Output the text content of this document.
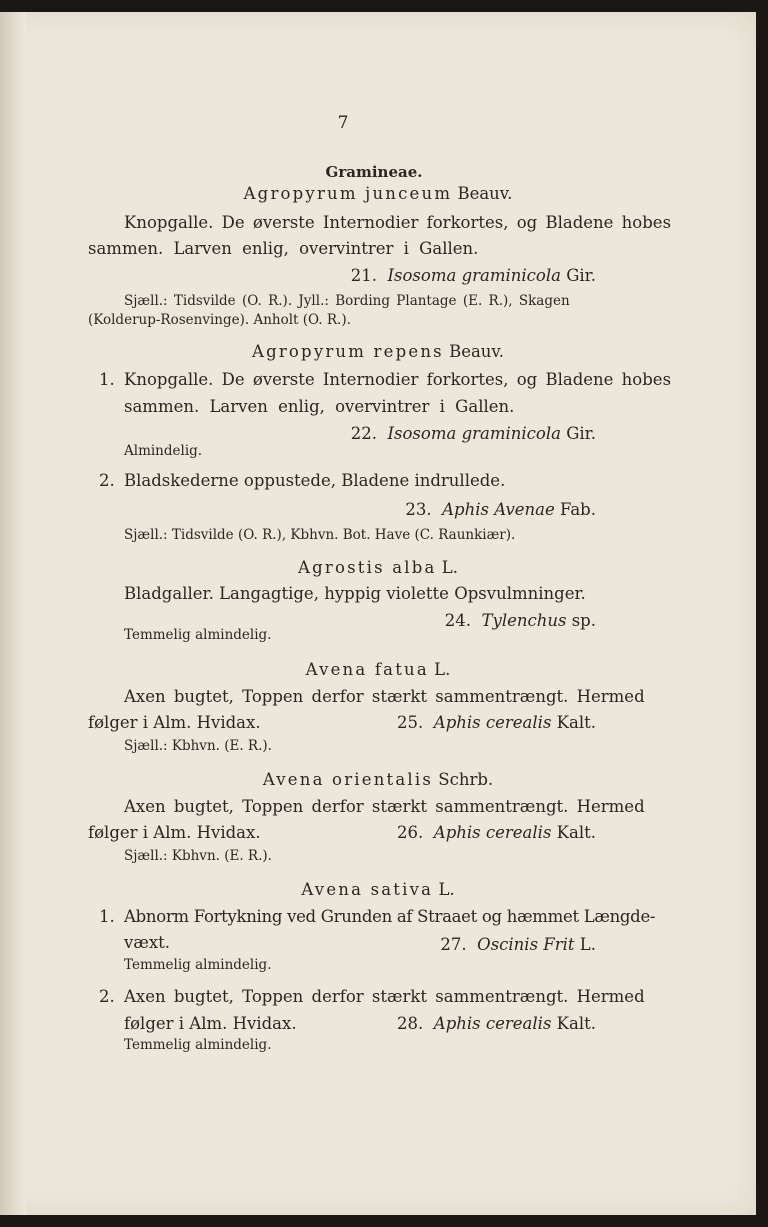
7
Gramineae.
Agropyrum junceum Beauv.
Knopgalle. De øverste Internodier forkortes, og Bladene hobes
sammen. Larven enlig, overvintrer i Gallen.
21. Isosoma graminicola Gir.
Sjæll.: Tidsvilde (O. R.). Jyll.: Bording Plantage (E. R.), Skagen
(Kolderup-Rosenvinge). Anholt (O. R.).
Agropyrum repens Beauv.
1. Knopgalle. De øverste Internodier forkortes, og Bladene hobes
sammen. Larven enlig, overvintrer i Gallen.
22. Isosoma graminicola Gir.
Almindelig.
2. Bladskederne oppustede, Bladene indrullede.
23. Aphis Avenae Fab.
Sjæll.: Tidsvilde (O. R.), Kbhvn. Bot. Have (C. Raunkiær).
Agrostis alba L.
Bladgaller. Langagtige, hyppig violette Opsvulmninger.
24. Tylenchus sp.
Temmelig almindelig.
Avena fatua L.
Axen bugtet, Toppen derfor stærkt sammentrængt. Hermed
følger i Alm. Hvidax.	25. Aphis cerealis Kalt.
Sjæll.: Kbhvn. (E. R.).
Avena orientalis Schrb.
Axen bugtet, Toppen derfor stærkt sammentrængt. Hermed
følger i Alm. Hvidax.	26. Aphis cerealis Kalt.
Sjæll.: Kbhvn. (E. R.).
Avena sativa L.
1. Abnorm Fortykning ved Grunden af Straaet og hæmmet Længde-
væxt.	27. Oscinis Frit L.
Temmelig almindelig.
2. Axen bugtet, Toppen derfor stærkt sammentrængt. Hermed
følger i Alm. Hvidax.	28. Aphis cerealis Kalt.
Temmelig almindelig.
